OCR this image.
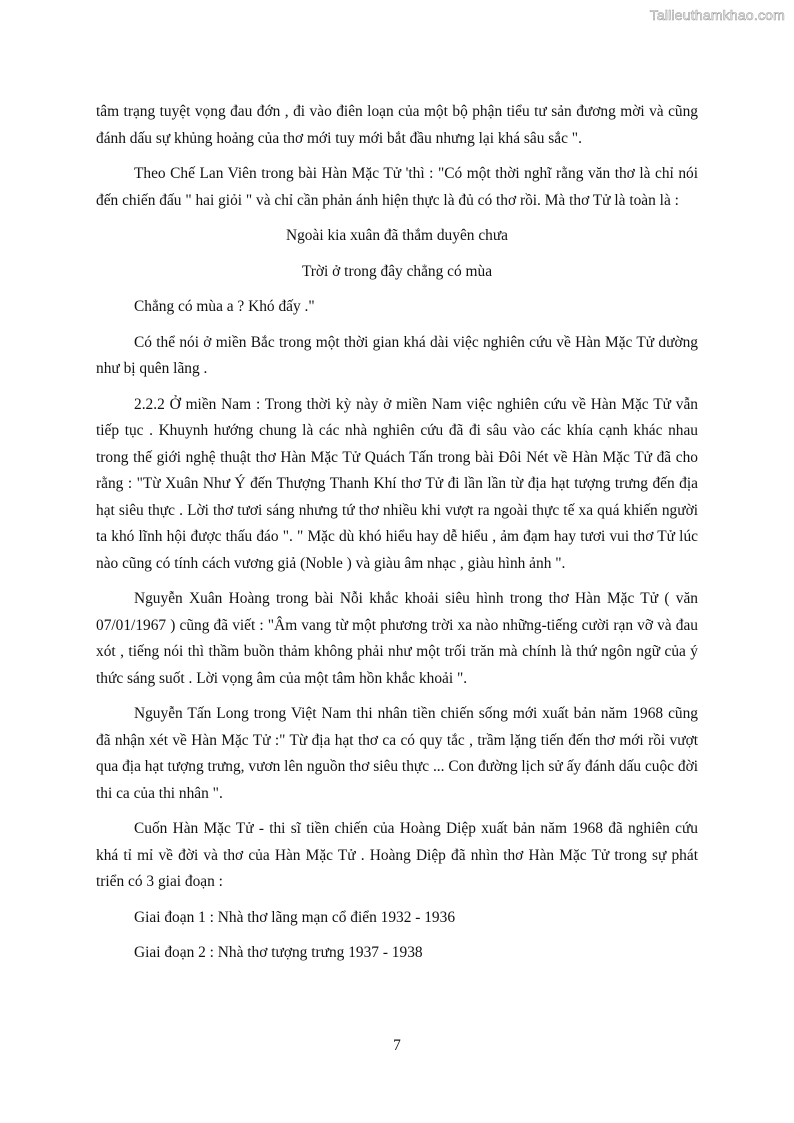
Tailieuthamkhao.com

tâm trạng tuyệt vọng đau đớn , đi vào điên loạn của một bộ phận tiểu tư sản đương mời và cũng đánh dấu sự khủng hoảng của thơ mới tuy mới bắt đầu nhưng lại khá sâu sắc ".

Theo Chế Lan Viên trong bài Hàn Mặc Tử 'thì : "Có một thời nghĩ rằng văn thơ là chỉ nói đến chiến đấu " hai giỏi " và chỉ cần phản ánh hiện thực là đủ có thơ rồi. Mà thơ Tử là toàn là :

Ngoài kia xuân đã thắm duyên chưa
Trời ở trong đây chẳng có mùa

Chẳng có mùa a ? Khó đấy ."

Có thể nói ở miền Bắc trong một thời gian khá dài việc nghiên cứu về Hàn Mặc Tử dường như bị quên lãng .

2.2.2 Ở miền Nam : Trong thời kỳ này ở miền Nam việc nghiên cứu về Hàn Mặc Tử vẫn tiếp tục . Khuynh hướng chung là các nhà nghiên cứu đã đi sâu vào các khía cạnh khác nhau trong thế giới nghệ thuật thơ Hàn Mặc Tử Quách Tấn trong bài Đôi Nét về Hàn Mặc Tử đã cho rằng : "Từ Xuân Như Ý đến Thượng Thanh Khí thơ Tử đi lần lần từ địa hạt tượng trưng đến địa hạt siêu thực . Lời thơ tươi sáng nhưng tứ thơ nhiều khi vượt ra ngoài thực tế xa quá khiến người ta khó lĩnh hội được thấu đáo ". " Mặc dù khó hiểu hay dễ hiểu , ảm đạm hay tươi vui thơ Tử lúc nào cũng có tính cách vương giả (Noble ) và giàu âm nhạc , giàu hình ảnh ".

Nguyễn Xuân Hoàng trong bài Nỗi khắc khoải siêu hình trong thơ Hàn Mặc Tử ( văn 07/01/1967 ) cũng đã viết : "Âm vang từ một phương trời xa nào những-tiếng cười rạn vỡ và đau xót , tiếng nói thì thầm buồn thảm không phải như một trối trăn mà chính là thứ ngôn ngữ của ý thức sáng suốt . Lời vọng âm của một tâm hồn khắc khoải ".

Nguyễn Tấn Long trong Việt Nam thi nhân tiền chiến sống mới xuất bản năm 1968 cũng đã nhận xét về Hàn Mặc Tử :" Từ địa hạt thơ ca có quy tắc , trầm lặng tiến đến thơ mới rồi vượt qua địa hạt tượng trưng, vươn lên nguồn thơ siêu thực ... Con đường lịch sử ấy đánh dấu cuộc đời thi ca của thi nhân ".

Cuốn Hàn Mặc Tử - thi sĩ tiền chiến của Hoàng Diệp xuất bản năm 1968 đã nghiên cứu khá tỉ mỉ về đời và thơ của Hàn Mặc Tử . Hoàng Diệp đã nhìn thơ Hàn Mặc Tử trong sự phát triển có 3 giai đoạn :

Giai đoạn 1 : Nhà thơ lãng mạn cổ điển 1932 - 1936

Giai đoạn 2 : Nhà thơ tượng trưng 1937 - 1938

7
